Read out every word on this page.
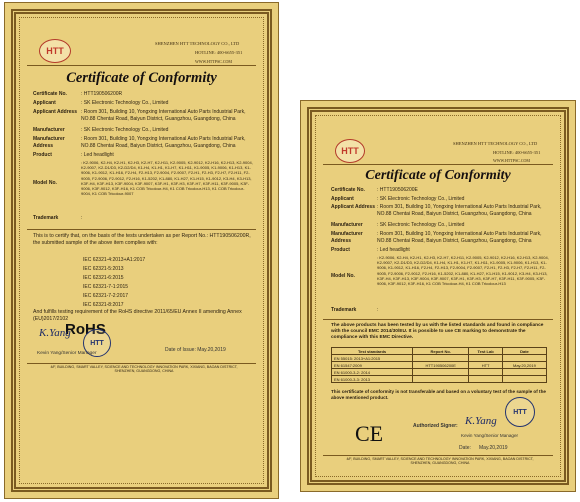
HTT
SHENZHEN HTT TECHNOLOGY CO., LTD
HOTLINE: 400-6655-351
WWW.HTTPSC.COM
Certificate of Conformity
Certificate No.	: HTT190506200R
Applicant	: SK Electronic Technology Co., Limited
Applicant Address : Room 301, Building 10, Yongxing International Auto Parts Industrial Park, NO.88 Chentai Road, Baiyun District, Guangzhou, Guangdong, China
Manufacturer	: SK Electronic Technology Co., Limited
Manufacturer Address
: Room 301, Building 10, Yongxing International Auto Parts Industrial Park, NO.88 Chentai Road, Baiyun District, Guangzhou, Guangdong, China
Product	: Led headlight
Model No.
: K2-9006, K2-H4, K2-H1, K2-H3, K2-H7, K2-H11, K2-9005, K2-9012, K2-H16, K2-H13, K2-9004, K2-9007, K2-D1/D3, K2-D2/D4, K1-H4, K1-H1, K1-H7, K1-H11, K1-9005, K1-9006, K1-H13, K1-9006, K1-9012, K1-H16, F2-H4, F2-H13, F2-9004, F2-9007, F2-H1, F2-H3, F2-H7, F2-H11, F2-9005, F2-9006, F2-9012, F2-H16, K1-5202, K1-880, K1-H27, K1-H15, K1-9012, K3-H4, K3-H13, K3F-H4, K3F-H13, K3F-9004, K3F-9007, K3F-H1, K3F-H3, K3F-H7, K3F-H11, K3F-9005, K3F-9006, K3F-9012, K3F-H16, K1 COB Tricolour-H4, K1 COB Tricolour-H13, K1 COB Tricolour-9004, K1 COB Tricolour-9007
Trademark	:
This is to certify that, on the basis of the tests undertaken as per Report No.: HTT190506200R, the submitted sample of the above item complies with:
IEC 62321-4:2013+A1:2017
IEC 62321-5:2013
IEC 62321-6:2015
IEC 62321-7-1:2015
IEC 62321-7-2:2017
IEC 62321-8:2017
And fulfills testing requirement of the RoHS directive 2011/65/EU Annex II amending Annex (EU)2017/2102
RoHS
K.Yang
HTT
Kevin Yang/Senior Manager
Date of Issue: May.20,2019
4/F, BUILDING, SMART VALLEY, SCIENCE AND TECHNOLOGY INNOVATION PARK, XIXIANG, BAOAN DISTRICT, SHENZHEN, GUANGDONG, CHINA
HTT
SHENZHEN HTT TECHNOLOGY CO., LTD
HOTLINE: 400-6655-351
WWW.HTTPSC.COM
Certificate of Conformity
Certificate No.	: HTT190506200E
Applicant	: SK Electronic Technology Co., Limited
Applicant Address : Room 301, Building 10, Yongxing International Auto Parts Industrial Park, NO.88 Chentai Road, Baiyun District, Guangzhou, Guangdong, China
Manufacturer	: SK Electronic Technology Co., Limited
Manufacturer Address
: Room 301, Building 10, Yongxing International Auto Parts Industrial Park, NO.88 Chentai Road, Baiyun District, Guangzhou, Guangdong, China
Product	: Led headlight
Model No.
: K2-9006, K2-H4, K2-H1, K2-H3, K2-H7, K2-H11, K2-9005, K2-9012, K2-H16, K2-H13, K2-9004, K2-9007, K2-D1/D3, K2-D2/D4, K1-H4, K1-H1, K1-H7, K1-H11, K1-9005, K1-9006, K1-H13, K1-9006, K1-9012, K1-H16, F2-H4, F2-H13, F2-9004, F2-9007, F2-H1, F2-H3, F2-H7, F2-H11, F2-9005, F2-9006, F2-9012, F2-H16, K1-5202, K1-880, K1-H27, K1-H15, K1-9012, K3-H4, K3-H13, K3F-H4, K3F-H13, K3F-9004, K3F-9007, K3F-H1, K3F-H3, K3F-H7, K3F-H11, K3F-9005, K3F-9006, K3F-9012, K3F-H16, K1 COB Tricolour-H4, K1 COB Tricolour-H13
Trademark	:
The above products has been tested by us with the listed standards and found in compliance with the council EMC 2014/30/EU. It is possible to use CE marking to demonstrate the compliance with this EMC Directive.
Test standards	Report No.	Test Lab	Date
EN 55015: 2013+A1:2015			
EN 61547:2009	HTT190506200E	HTT	May.20,2019
EN 61000-3-2: 2014			
EN 61000-3-3: 2013			
This certificate of conformity is not transferable and based on a voluntary test of the sample of the above mentioned product.
CE	Authorized Signer: K.Yang
HTT
Kevin Yang/Senior Manager
Date: May.20,2019
4/F, BUILDING, SMART VALLEY, SCIENCE AND TECHNOLOGY INNOVATION PARK, XIXIANG, BAOAN DISTRICT, SHENZHEN, GUANGDONG, CHINA
